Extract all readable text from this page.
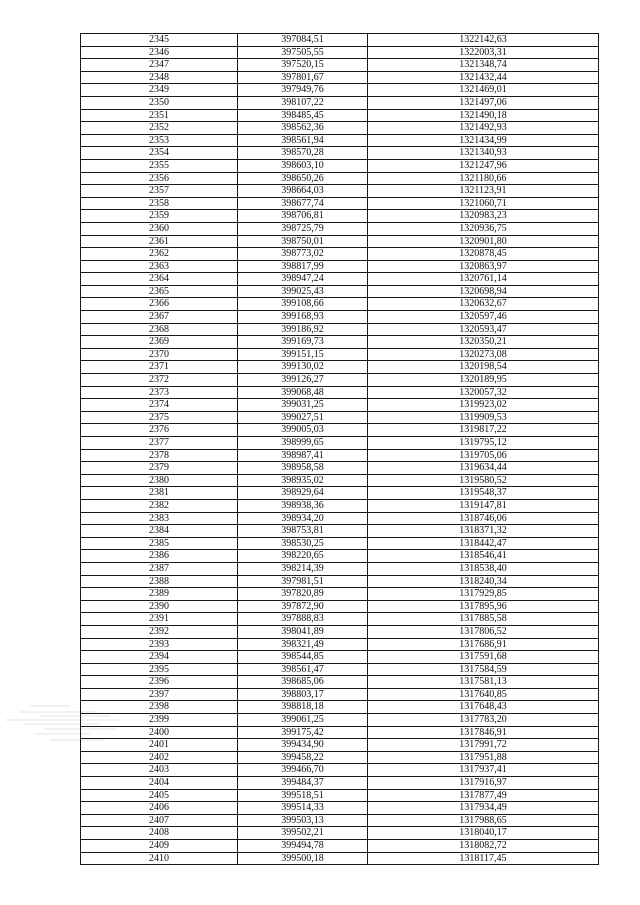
2345	397084,51	1322142,63
2346	397505,55	1322003,31
2347	397520,15	1321348,74
2348	397801,67	1321432,44
2349	397949,76	1321469,01
2350	398107,22	1321497,06
2351	398485,45	1321490,18
2352	398562,36	1321492,93
2353	398561,94	1321434,99
2354	398570,28	1321340,93
2355	398603,10	1321247,96
2356	398650,26	1321180,66
2357	398664,03	1321123,91
2358	398677,74	1321060,71
2359	398706,81	1320983,23
2360	398725,79	1320936,75
2361	398750,01	1320901,80
2362	398773,02	1320878,45
2363	398817,99	1320863,97
2364	398947,24	1320761,14
2365	399025,43	1320698,94
2366	399108,66	1320632,67
2367	399168,93	1320597,46
2368	399186,92	1320593,47
2369	399169,73	1320350,21
2370	399151,15	1320273,08
2371	399130,02	1320198,54
2372	399126,27	1320189,95
2373	399068,48	1320057,32
2374	399031,25	1319923,02
2375	399027,51	1319909,53
2376	399005,03	1319817,22
2377	398999,65	1319795,12
2378	398987,41	1319705,06
2379	398958,58	1319634,44
2380	398935,02	1319580,52
2381	398929,64	1319548,37
2382	398938,36	1319147,81
2383	398934,20	1318746,06
2384	398753,81	1318371,32
2385	398530,25	1318442,47
2386	398220,65	1318546,41
2387	398214,39	1318538,40
2388	397981,51	1318240,34
2389	397820,89	1317929,85
2390	397872,90	1317895,96
2391	397888,83	1317885,58
2392	398041,89	1317806,52
2393	398321,49	1317686,91
2394	398544,85	1317591,68
2395	398561,47	1317584,59
2396	398685,06	1317581,13
2397	398803,17	1317640,85
2398	398818,18	1317648,43
2399	399061,25	1317783,20
2400	399175,42	1317846,91
2401	399434,90	1317991,72
2402	399458,22	1317951,88
2403	399466,70	1317937,41
2404	399484,37	1317916,97
2405	399518,51	1317877,49
2406	399514,33	1317934,49
2407	399503,13	1317988,65
2408	399502,21	1318040,17
2409	399494,78	1318082,72
2410	399500,18	1318117,45
